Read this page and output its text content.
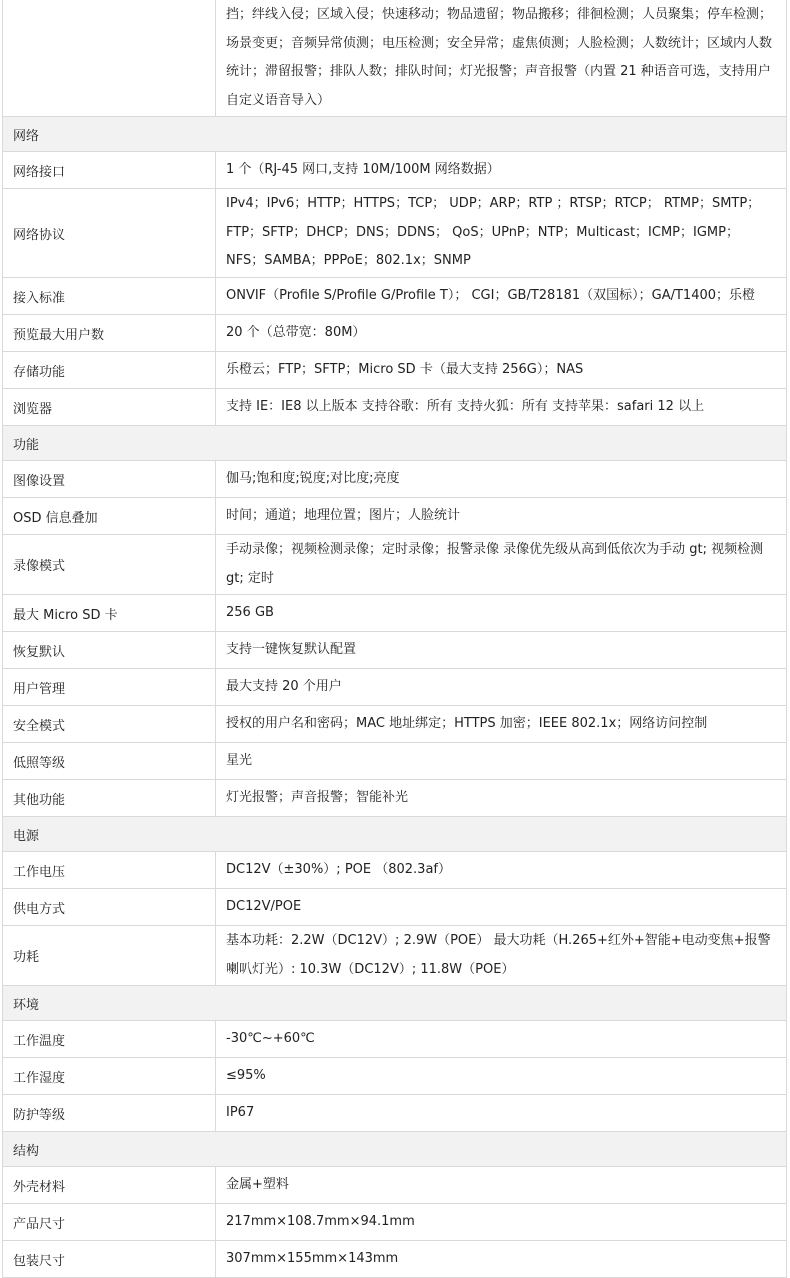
	挡；绊线入侵；区域入侵；快速移动；物品遗留；物品搬移；徘徊检测；人员聚集；停车检测；场景变更；音频异常侦测；电压检测；安全异常；虚焦侦测；人脸检测；人数统计；区域内人数统计；滞留报警；排队人数；排队时间；灯光报警；声音报警（内置 21 种语音可选，支持用户自定义语音导入）
网络	
网络接口	1 个（RJ-45 网口,支持 10M/100M 网络数据）
网络协议	IPv4；IPv6；HTTP；HTTPS；TCP； UDP；ARP；RTP ；RTSP；RTCP； RTMP；SMTP；FTP；SFTP；DHCP；DNS；DDNS； QoS；UPnP；NTP；Multicast；ICMP；IGMP；NFS；SAMBA；PPPoE；802.1x；SNMP
接入标准	ONVIF（Profile S/Profile G/Profile T）； CGI；GB/T28181（双国标）；GA/T1400；乐橙
预览最大用户数	20 个（总带宽：80M）
存储功能	乐橙云；FTP；SFTP；Micro SD 卡（最大支持 256G）；NAS
浏览器	支持 IE：IE8 以上版本 支持谷歌：所有 支持火狐：所有 支持苹果：safari 12 以上
功能	
图像设置	伽马;饱和度;锐度;对比度;亮度
OSD 信息叠加	时间；通道；地理位置；图片；人脸统计
录像模式	手动录像；视频检测录像；定时录像；报警录像 录像优先级从高到低依次为手动 gt; 视频检测 gt; 定时
最大 Micro SD 卡	256 GB
恢复默认	支持一键恢复默认配置
用户管理	最大支持 20 个用户
安全模式	授权的用户名和密码；MAC 地址绑定；HTTPS 加密；IEEE 802.1x；网络访问控制
低照等级	星光
其他功能	灯光报警；声音报警；智能补光
电源	
工作电压	DC12V（±30%）; POE （802.3af）
供电方式	DC12V/POE
功耗	基本功耗：2.2W（DC12V）; 2.9W（POE） 最大功耗（H.265+红外+智能+电动变焦+报警喇叭灯光）: 10.3W（DC12V）; 11.8W（POE）
环境	
工作温度	-30℃~+60℃
工作湿度	≤95%
防护等级	IP67
结构	
外壳材料	金属+塑料
产品尺寸	217mm×108.7mm×94.1mm
包装尺寸	307mm×155mm×143mm
